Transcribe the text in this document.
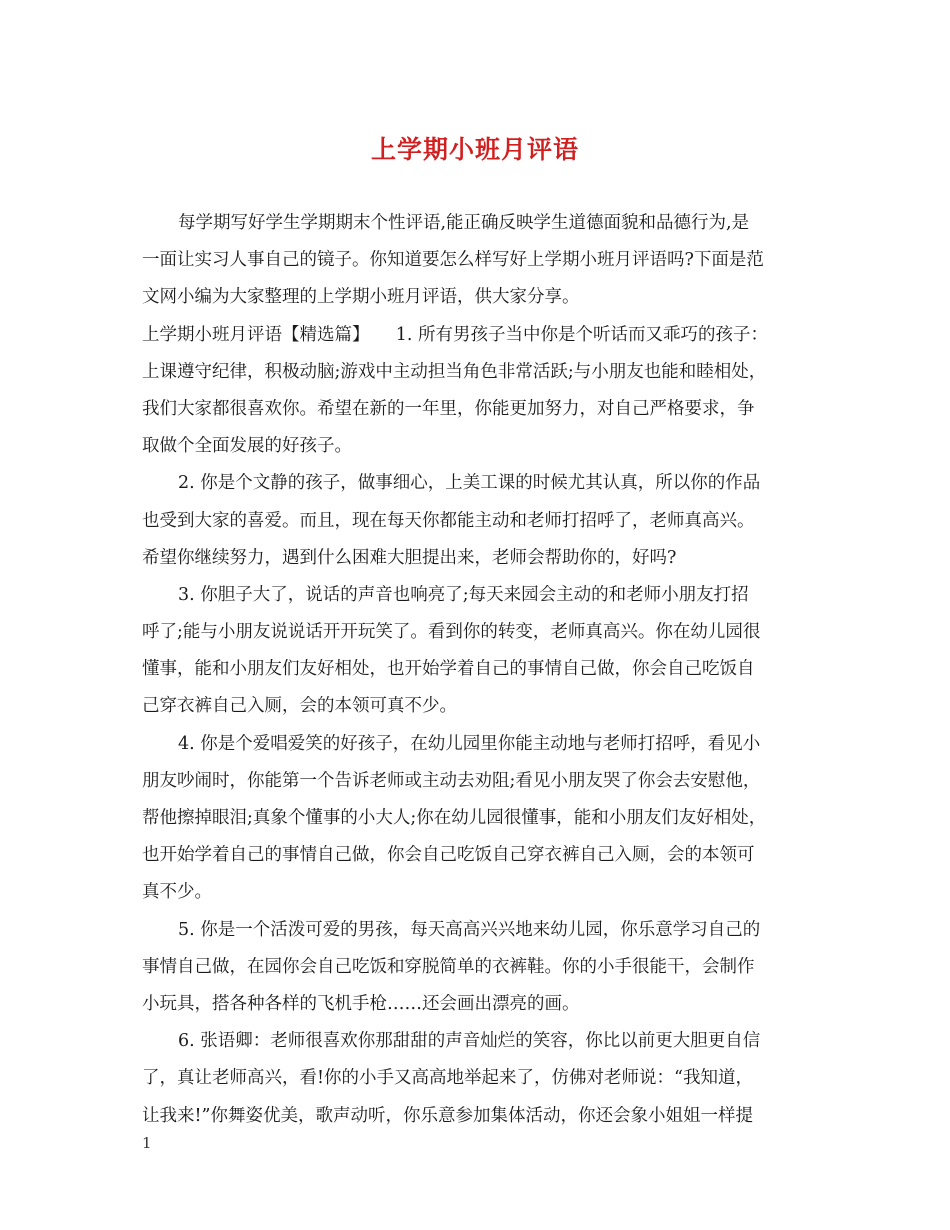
上学期小班月评语
每学期写好学生学期期末个性评语,能正确反映学生道德面貌和品德行为,是
一面让实习人事自己的镜子。你知道要怎么样写好上学期小班月评语吗?下面是范
文网小编为大家整理的上学期小班月评语，供大家分享。
上学期小班月评语【精选篇】　　1. 所有男孩子当中你是个听话而又乖巧的孩子：
上课遵守纪律，积极动脑;游戏中主动担当角色非常活跃;与小朋友也能和睦相处，
我们大家都很喜欢你。希望在新的一年里，你能更加努力，对自己严格要求，争
取做个全面发展的好孩子。
2. 你是个文静的孩子，做事细心，上美工课的时候尤其认真，所以你的作品
也受到大家的喜爱。而且，现在每天你都能主动和老师打招呼了，老师真高兴。
希望你继续努力，遇到什么困难大胆提出来，老师会帮助你的，好吗?
3. 你胆子大了，说话的声音也响亮了;每天来园会主动的和老师小朋友打招
呼了;能与小朋友说说话开开玩笑了。看到你的转变，老师真高兴。你在幼儿园很
懂事，能和小朋友们友好相处，也开始学着自己的事情自己做，你会自己吃饭自
己穿衣裤自己入厕，会的本领可真不少。
4. 你是个爱唱爱笑的好孩子，在幼儿园里你能主动地与老师打招呼，看见小
朋友吵闹时，你能第一个告诉老师或主动去劝阻;看见小朋友哭了你会去安慰他，
帮他擦掉眼泪;真象个懂事的小大人;你在幼儿园很懂事，能和小朋友们友好相处，
也开始学着自己的事情自己做，你会自己吃饭自己穿衣裤自己入厕，会的本领可
真不少。
5. 你是一个活泼可爱的男孩，每天高高兴兴地来幼儿园，你乐意学习自己的
事情自己做，在园你会自己吃饭和穿脱简单的衣裤鞋。你的小手很能干，会制作
小玩具，搭各种各样的飞机手枪……还会画出漂亮的画。
6. 张语卿：老师很喜欢你那甜甜的声音灿烂的笑容，你比以前更大胆更自信
了，真让老师高兴，看!你的小手又高高地举起来了，仿佛对老师说：“我知道，
让我来!”你舞姿优美，歌声动听，你乐意参加集体活动，你还会象小姐姐一样提
1
